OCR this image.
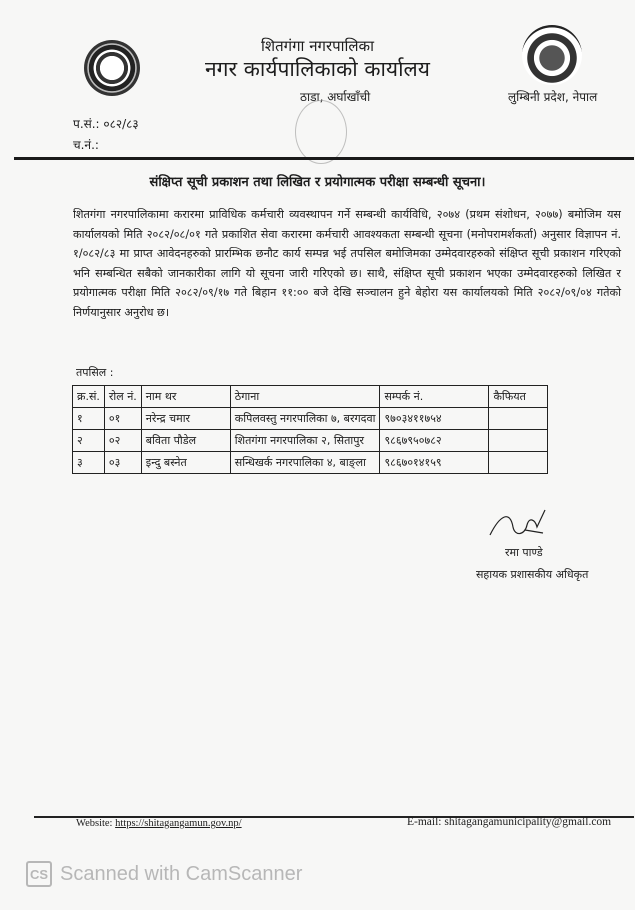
शितगंगा नगरपालिका
नगर कार्यपालिकाको कार्यालय
ठाडा, अर्घाखाँची	लुम्बिनी प्रदेश, नेपाल
प.सं.: ०८२/८३
च.नं.:
संक्षिप्त सूची प्रकाशन तथा लिखित र प्रयोगात्मक परीक्षा सम्बन्धी सूचना।
शितगंगा नगरपालिकामा करारमा प्राविधिक कर्मचारी व्यवस्थापन गर्ने सम्बन्धी कार्यविधि, २०७४ (प्रथम संशोधन, २०७७) बमोजिम यस कार्यालयको मिति २०८२/०८/०१ गते प्रकाशित सेवा करारमा कर्मचारी आवश्यकता सम्बन्धी सूचना (मनोपरामर्शकर्ता) अनुसार विज्ञापन नं. १/०८२/८३ मा प्राप्त आवेदनहरुको प्रारम्भिक छनौट कार्य सम्पन्न भई तपसिल बमोजिमका उम्मेदवारहरुको संक्षिप्त सूची प्रकाशन गरिएको भनि सम्बन्धित सबैको जानकारीका लागि यो सूचना जारी गरिएको छ। साथै, संक्षिप्त सूची प्रकाशन भएका उम्मेदवारहरुको लिखित र प्रयोगात्मक परीक्षा मिति २०८२/०९/१७ गते बिहान ११:०० बजे देखि सञ्चालन हुने बेहोरा यस कार्यालयको मिति २०८२/०९/०४ गतेको निर्णयानुसार अनुरोध छ।
तपसिल :
क्र.सं.	रोल नं.	नाम थर	ठेगाना	सम्पर्क नं.	कैफियत
१	०१	नरेन्द्र चमार	कपिलवस्तु नगरपालिका ७, बरगदवा	९७०३४११७५४	
२	०२	बविता पौडेल	शितगंगा नगरपालिका २, सितापुर	९८६७९५०७८२	
३	०३	इन्दु बस्नेत	सन्धिखर्क नगरपालिका ४, बाङ्ला	९८६७०१४१५९	
रमा पाण्डे
सहायक प्रशासकीय अधिकृत
Website: https://shitagangamun.gov.np/	E-mail: shitagangamunicipality@gmail.com
CS Scanned with CamScanner
